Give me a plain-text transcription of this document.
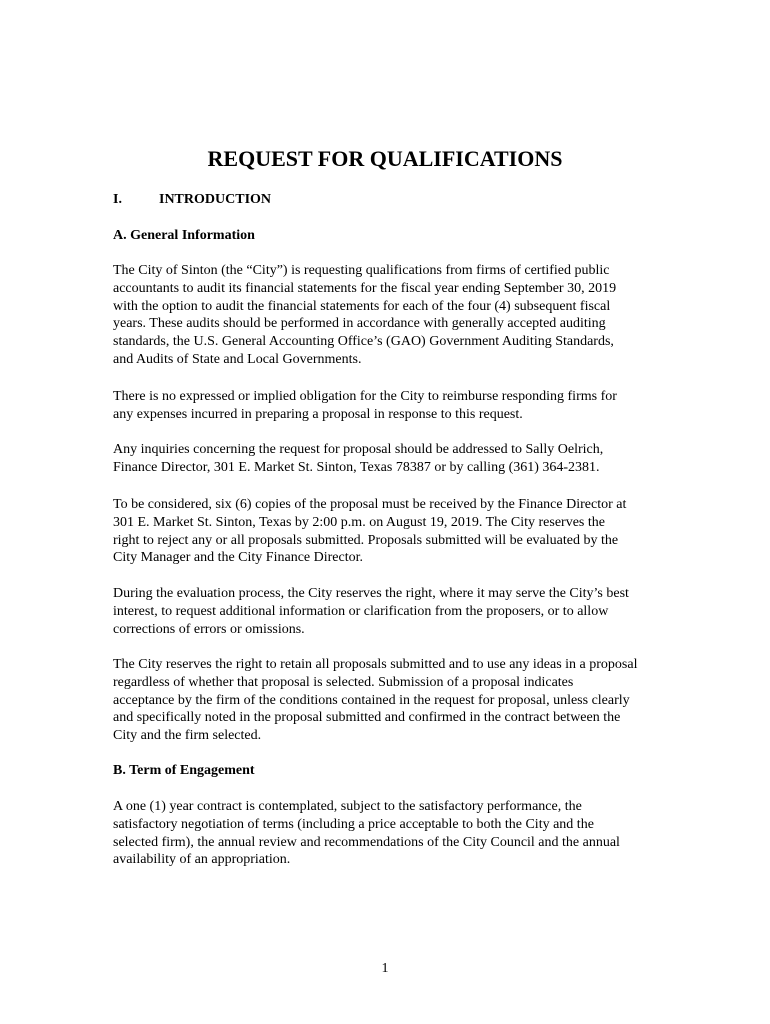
REQUEST FOR QUALIFICATIONS
I.	INTRODUCTION
A. General Information

The City of Sinton (the “City”) is requesting qualifications from firms of certified public
accountants to audit its financial statements for the fiscal year ending September 30, 2019
with the option to audit the financial statements for each of the four (4) subsequent fiscal
years. These audits should be performed in accordance with generally accepted auditing
standards, the U.S. General Accounting Office’s (GAO) Government Auditing Standards,
and Audits of State and Local Governments.

There is no expressed or implied obligation for the City to reimburse responding firms for
any expenses incurred in preparing a proposal in response to this request.

Any inquiries concerning the request for proposal should be addressed to Sally Oelrich,
Finance Director, 301 E. Market St. Sinton, Texas 78387 or by calling (361) 364-2381.

To be considered, six (6) copies of the proposal must be received by the Finance Director at
301 E. Market St. Sinton, Texas by 2:00 p.m. on August 19, 2019. The City reserves the
right to reject any or all proposals submitted. Proposals submitted will be evaluated by the
City Manager and the City Finance Director.

During the evaluation process, the City reserves the right, where it may serve the City’s best
interest, to request additional information or clarification from the proposers, or to allow
corrections of errors or omissions.

The City reserves the right to retain all proposals submitted and to use any ideas in a proposal
regardless of whether that proposal is selected. Submission of a proposal indicates
acceptance by the firm of the conditions contained in the request for proposal, unless clearly
and specifically noted in the proposal submitted and confirmed in the contract between the
City and the firm selected.

B. Term of Engagement

A one (1) year contract is contemplated, subject to the satisfactory performance, the
satisfactory negotiation of terms (including a price acceptable to both the City and the
selected firm), the annual review and recommendations of the City Council and the annual
availability of an appropriation.

1
